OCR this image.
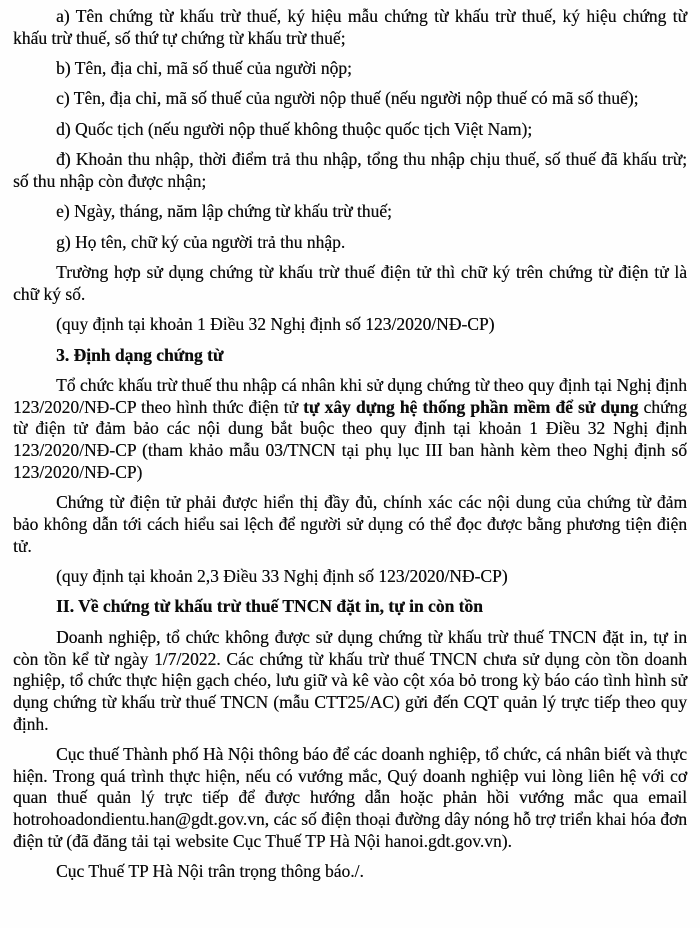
a) Tên chứng từ khấu trừ thuế, ký hiệu mẫu chứng từ khấu trừ thuế, ký hiệu chứng từ khấu trừ thuế, số thứ tự chứng từ khấu trừ thuế;

b) Tên, địa chỉ, mã số thuế của người nộp;

c) Tên, địa chỉ, mã số thuế của người nộp thuế (nếu người nộp thuế có mã số thuế);

d) Quốc tịch (nếu người nộp thuế không thuộc quốc tịch Việt Nam);

đ) Khoản thu nhập, thời điểm trả thu nhập, tổng thu nhập chịu thuế, số thuế đã khấu trừ; số thu nhập còn được nhận;

e) Ngày, tháng, năm lập chứng từ khấu trừ thuế;

g) Họ tên, chữ ký của người trả thu nhập.

Trường hợp sử dụng chứng từ khấu trừ thuế điện tử thì chữ ký trên chứng từ điện tử là chữ ký số.

(quy định tại khoản 1 Điều 32 Nghị định số 123/2020/NĐ-CP)

3. Định dạng chứng từ

Tổ chức khấu trừ thuế thu nhập cá nhân khi sử dụng chứng từ theo quy định tại Nghị định 123/2020/NĐ-CP theo hình thức điện tử tự xây dựng hệ thống phần mềm để sử dụng chứng từ điện tử đảm bảo các nội dung bắt buộc theo quy định tại khoản 1 Điều 32 Nghị định 123/2020/NĐ-CP (tham khảo mẫu 03/TNCN tại phụ lục III ban hành kèm theo Nghị định số 123/2020/NĐ-CP)

Chứng từ điện tử phải được hiển thị đầy đủ, chính xác các nội dung của chứng từ đảm bảo không dẫn tới cách hiểu sai lệch để người sử dụng có thể đọc được bằng phương tiện điện tử.

(quy định tại khoản 2,3 Điều 33 Nghị định số 123/2020/NĐ-CP)

II. Về chứng từ khấu trừ thuế TNCN đặt in, tự in còn tồn

Doanh nghiệp, tổ chức không được sử dụng chứng từ khấu trừ thuế TNCN đặt in, tự in còn tồn kể từ ngày 1/7/2022. Các chứng từ khấu trừ thuế TNCN chưa sử dụng còn tồn doanh nghiệp, tổ chức thực hiện gạch chéo, lưu giữ và kê vào cột xóa bỏ trong kỳ báo cáo tình hình sử dụng chứng từ khấu trừ thuế TNCN (mẫu CTT25/AC) gửi đến CQT quản lý trực tiếp theo quy định.

Cục thuế Thành phố Hà Nội thông báo để các doanh nghiệp, tổ chức, cá nhân biết và thực hiện. Trong quá trình thực hiện, nếu có vướng mắc, Quý doanh nghiệp vui lòng liên hệ với cơ quan thuế quản lý trực tiếp để được hướng dẫn hoặc phản hồi vướng mắc qua email hotrohoadondientu.han@gdt.gov.vn, các số điện thoại đường dây nóng hỗ trợ triển khai hóa đơn điện tử (đã đăng tải tại website Cục Thuế TP Hà Nội hanoi.gdt.gov.vn).

Cục Thuế TP Hà Nội trân trọng thông báo./.
